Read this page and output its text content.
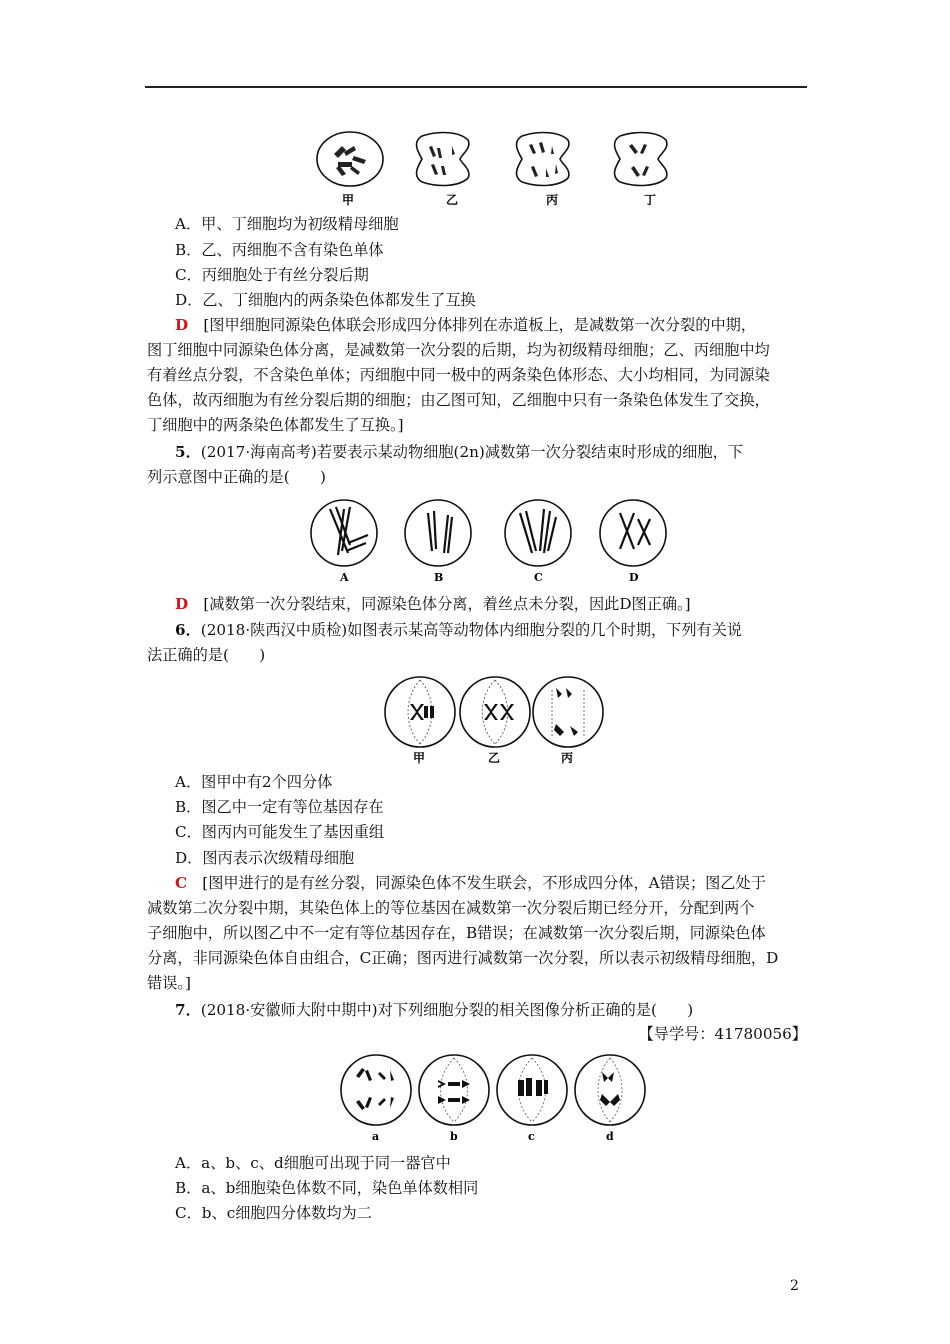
甲	乙	丙	丁
A．甲、丁细胞均为初级精母细胞
B．乙、丙细胞不含有染色单体
C．丙细胞处于有丝分裂后期
D．乙、丁细胞内的两条染色体都发生了互换
D　 [图甲细胞同源染色体联会形成四分体排列在赤道板上，是减数第一次分裂的中期，
图丁细胞中同源染色体分离，是减数第一次分裂的后期，均为初级精母细胞；乙、丙细胞中均
有着丝点分裂，不含染色单体；丙细胞中同一极中的两条染色体形态、大小均相同，为同源染
色体，故丙细胞为有丝分裂后期的细胞；由乙图可知，乙细胞中只有一条染色体发生了交换，
丁细胞中的两条染色体都发生了互换。]
5．(2017·海南高考)若要表示某动物细胞(2n)减数第一次分裂结束时形成的细胞，下
列示意图中正确的是(　　)
A	B	C	D
D　 [减数第一次分裂结束，同源染色体分离，着丝点未分裂，因此D图正确。]
6．(2018·陕西汉中质检)如图表示某高等动物体内细胞分裂的几个时期，下列有关说
法正确的是(　　)
甲	乙	丙
A．图甲中有2个四分体
B．图乙中一定有等位基因存在
C．图丙内可能发生了基因重组
D．图丙表示次级精母细胞
C　 [图甲进行的是有丝分裂，同源染色体不发生联会，不形成四分体，A错误；图乙处于
减数第二次分裂中期，其染色体上的等位基因在减数第一次分裂后期已经分开，分配到两个
子细胞中，所以图乙中不一定有等位基因存在，B错误；在减数第一次分裂后期，同源染色体
分离，非同源染色体自由组合，C正确；图丙进行减数第一次分裂，所以表示初级精母细胞，D
错误。]
7．(2018·安徽师大附中期中)对下列细胞分裂的相关图像分析正确的是(　　)
【导学号：41780056】
a	b	c	d
A．a、b、c、d细胞可出现于同一器官中
B．a、b细胞染色体数不同，染色单体数相同
C．b、c细胞四分体数均为二
2
